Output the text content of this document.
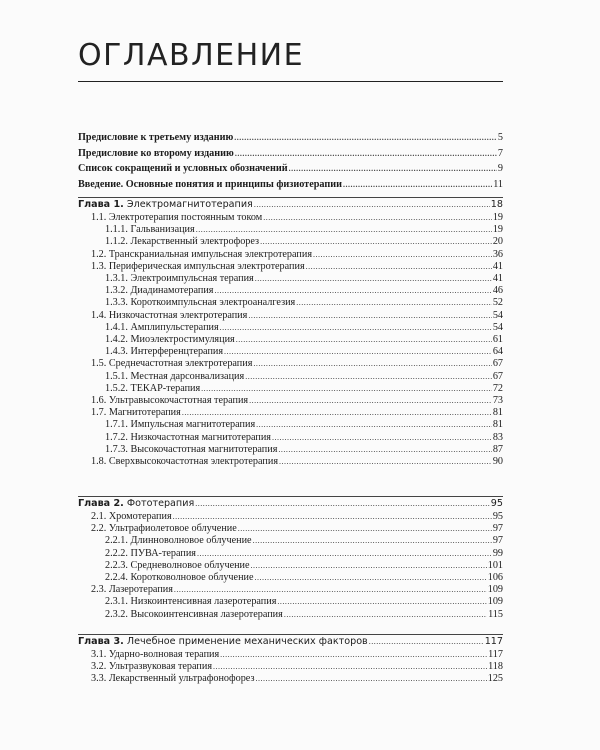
ОГЛАВЛЕНИЕ
Предисловие к третьему изданию .....	5
Предисловие ко второму изданию .....	7
Список сокращений и условных обозначений .....	9
Введение. Основные понятия и принципы физиотерапии .....	11
Глава 1. Электромагнитотерапия .....	18
1.1. Электротерапия постоянным током .....	19
1.1.1. Гальванизация .....	19
1.1.2. Лекарственный электрофорез .....	20
1.2. Транскраниальная импульсная электротерапия .....	36
1.3. Периферическая импульсная электротерапия .....	41
1.3.1. Электроимпульсная терапия .....	41
1.3.2. Диадинамотерапия .....	46
1.3.3. Короткоимпульсная электроаналгезия .....	52
1.4. Низкочастотная электротерапия .....	54
1.4.1. Амплипульстерапия .....	54
1.4.2. Миоэлектростимуляция .....	61
1.4.3. Интерференцтерапия .....	64
1.5. Среднечастотная электротерапия .....	67
1.5.1. Местная дарсонвализация .....	67
1.5.2. ТЕКАР-терапия .....	72
1.6. Ультравысокочастотная терапия .....	73
1.7. Магнитотерапия .....	81
1.7.1. Импульсная магнитотерапия .....	81
1.7.2. Низкочастотная магнитотерапия .....	83
1.7.3. Высокочастотная магнитотерапия .....	87
1.8. Сверхвысокочастотная электротерапия .....	90
Глава 2. Фототерапия .....	95
2.1. Хромотерапия .....	95
2.2. Ультрафиолетовое облучение .....	97
2.2.1. Длинноволновое облучение .....	97
2.2.2. ПУВА-терапия .....	99
2.2.3. Средневолновое облучение .....	101
2.2.4. Коротковолновое облучение .....	106
2.3. Лазеротерапия .....	109
2.3.1. Низкоинтенсивная лазеротерапия .....	109
2.3.2. Высокоинтенсивная лазеротерапия .....	115
Глава 3. Лечебное применение механических факторов .....	117
3.1. Ударно-волновая терапия .....	117
3.2. Ультразвуковая терапия .....	118
3.3. Лекарственный ультрафонофорез .....	125
